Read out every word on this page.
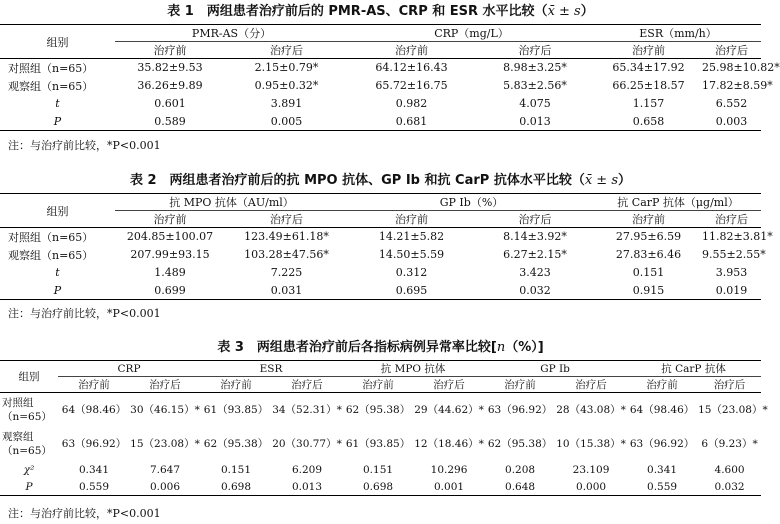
表 1　两组患者治疗前后的 PMR-AS、CRP 和 ESR 水平比较（x̄ ± s）
组别	PMR-AS（分）		CRP（mg/L）		ESR（mm/h）	
	治疗前	治疗后	治疗前	治疗后	治疗前	治疗后
对照组（n=65）	35.82±9.53	2.15±0.79*	64.12±16.43	8.98±3.25*	65.34±17.92	25.98±10.82*
观察组（n=65）	36.26±9.89	0.95±0.32*	65.72±16.75	5.83±2.56*	66.25±18.57	17.82±8.59*
t	0.601	3.891	0.982	4.075	1.157	6.552
P	0.589	0.005	0.681	0.013	0.658	0.003
注：与治疗前比较，*P<0.001
表 2　两组患者治疗前后的抗 MPO 抗体、GP Ⅰb 和抗 CarP 抗体水平比较（x̄ ± s）
组别	抗 MPO 抗体（AU/ml）		GP Ⅰb（%）		抗 CarP 抗体（μg/ml）	
	治疗前	治疗后	治疗前	治疗后	治疗前	治疗后
对照组（n=65）	204.85±100.07	123.49±61.18*	14.21±5.82	8.14±3.92*	27.95±6.59	11.82±3.81*
观察组（n=65）	207.99±93.15	103.28±47.56*	14.50±5.59	6.27±2.15*	27.83±6.46	9.55±2.55*
t	1.489	7.225	0.312	3.423	0.151	3.953
P	0.699	0.031	0.695	0.032	0.915	0.019
注：与治疗前比较，*P<0.001
表 3　两组患者治疗前后各指标病例异常率比较[n（%）]
组别	CRP		ESR		抗 MPO 抗体		GP Ⅰb		抗 CarP 抗体	
	治疗前	治疗后	治疗前	治疗后	治疗前	治疗后	治疗前	治疗后	治疗前	治疗后
对照组（n=65）	64（98.46）	30（46.15）*	61（93.85）	34（52.31）*	62（95.38）	29（44.62）*	63（96.92）	28（43.08）*	64（98.46）	15（23.08）*
观察组（n=65）	63（96.92）	15（23.08）*	62（95.38）	20（30.77）*	61（93.85）	12（18.46）*	62（95.38）	10（15.38）*	63（96.92）	6（9.23）*
χ²	0.341	7.647	0.151	6.209	0.151	10.296	0.208	23.109	0.341	4.600
P	0.559	0.006	0.698	0.013	0.698	0.001	0.648	0.000	0.559	0.032
注：与治疗前比较，*P<0.001
